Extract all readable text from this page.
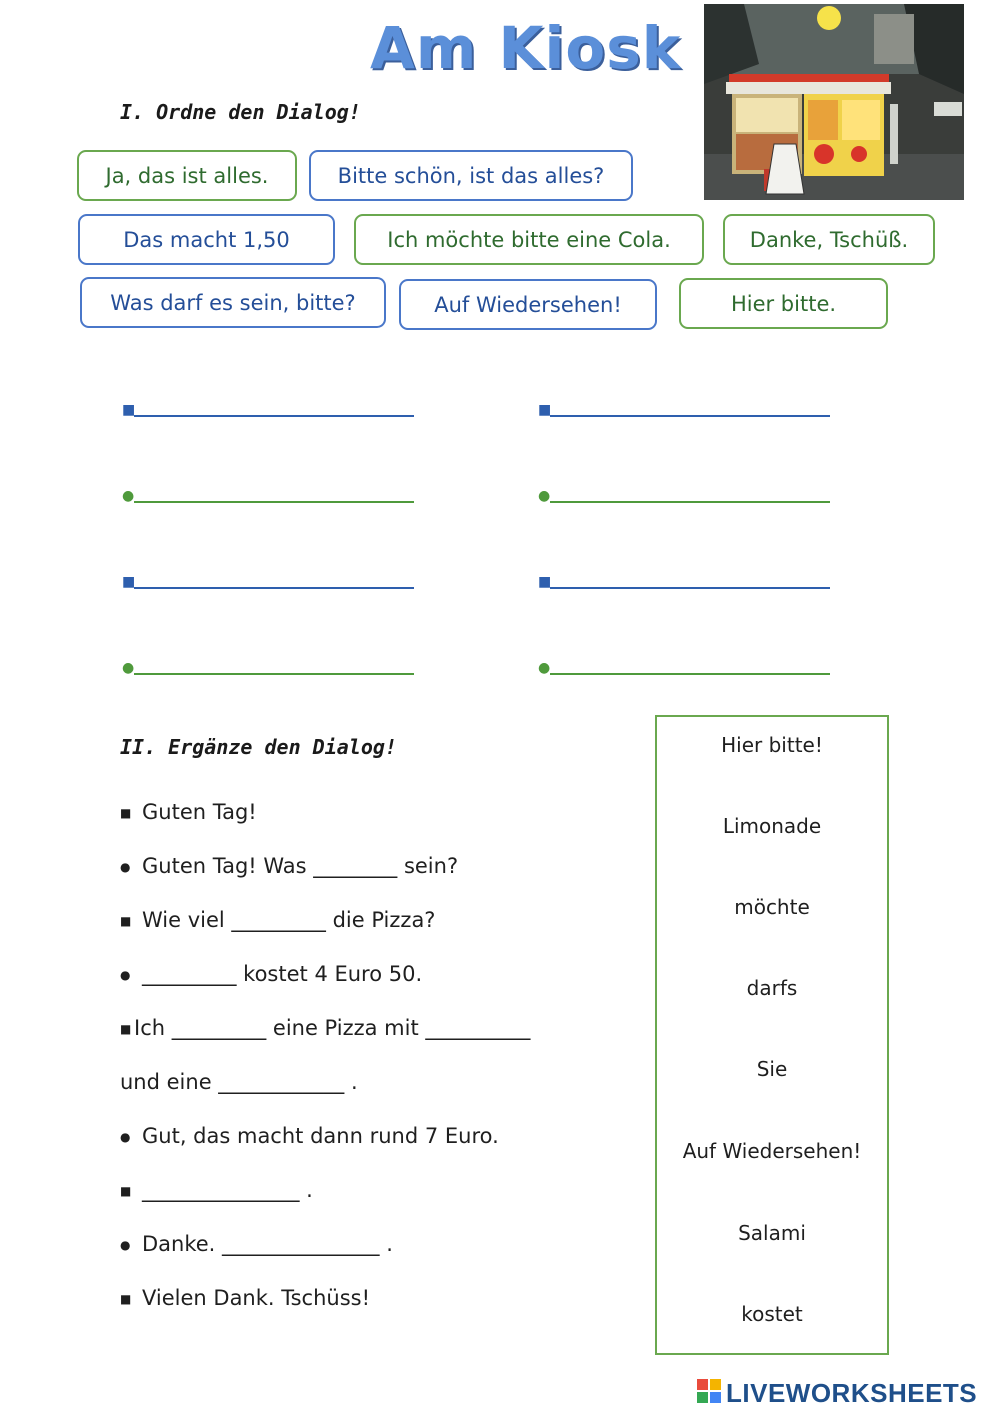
Am Kiosk
I. Ordne den Dialog!
Ja, das ist alles.	Bitte schön, ist das alles?
Das macht 1,50	Ich möchte bitte eine Cola.	Danke, Tschüß.
Was darf es sein, bitte?	Auf Wiedersehen!	Hier bitte.
■	■
●	●
■	■
●	●
II. Ergänze den Dialog!
■ Guten Tag!
● Guten Tag! Was ________ sein?
■ Wie viel _________ die Pizza?
● _________ kostet 4 Euro 50.
■ Ich _________ eine Pizza mit __________
und eine ____________ .
● Gut, das macht dann rund 7 Euro.
■ _______________ .
● Danke. _______________ .
■ Vielen Dank. Tschüss!
Hier bitte!
Limonade
möchte
darfs
Sie
Auf Wiedersehen!
Salami
kostet
LIVEWORKSHEETS
